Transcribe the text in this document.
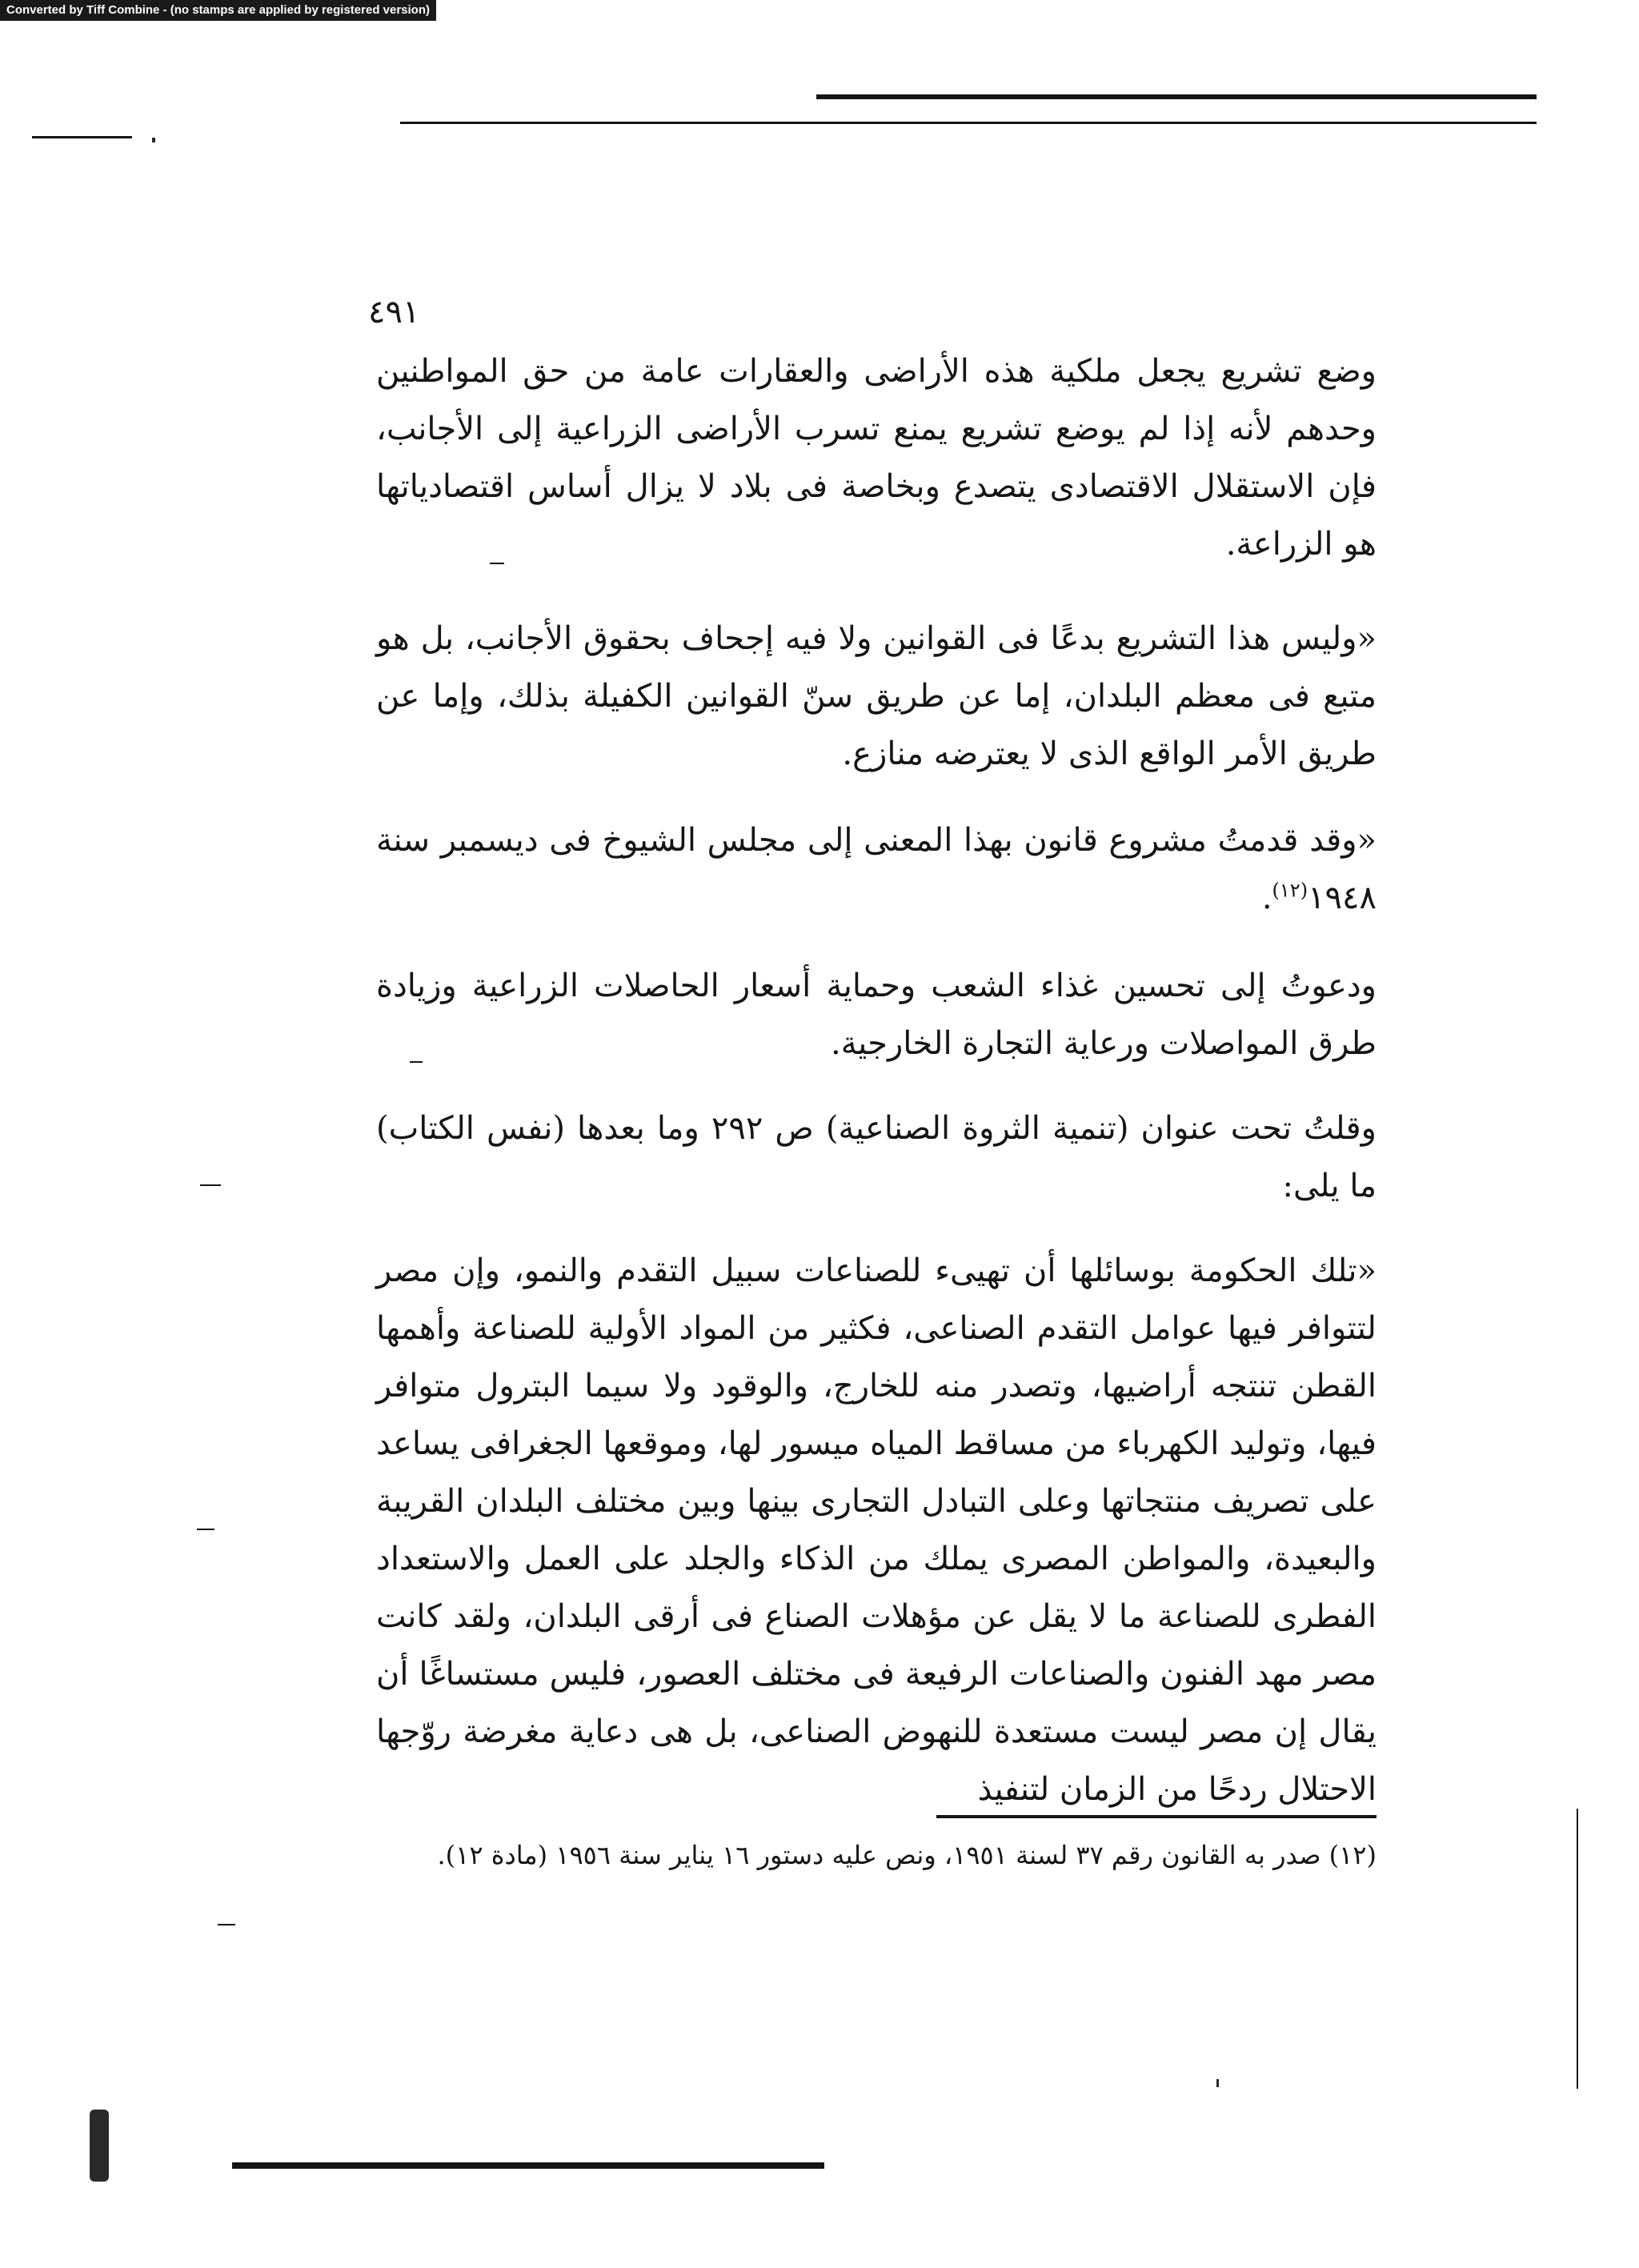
Converted by Tiff Combine - (no stamps are applied by registered version)
٤٩١

وضع تشريع يجعل ملكية هذه الأراضى والعقارات عامة من حق المواطنين وحدهم لأنه إذا لم يوضع تشريع يمنع تسرب الأراضى الزراعية إلى الأجانب، فإن الاستقلال الاقتصادى يتصدع وبخاصة فى بلاد لا يزال أساس اقتصادياتها هو الزراعة.

«وليس هذا التشريع بدعًا فى القوانين ولا فيه إجحاف بحقوق الأجانب، بل هو متبع فى معظم البلدان، إما عن طريق سنّ القوانين الكفيلة بذلك، وإما عن طريق الأمر الواقع الذى لا يعترضه منازع.

«وقد قدمتُ مشروع قانون بهذا المعنى إلى مجلس الشيوخ فى ديسمبر سنة ١٩٤٨$^{(١٢)}$.

ودعوتُ إلى تحسين غذاء الشعب وحماية أسعار الحاصلات الزراعية وزيادة طرق المواصلات ورعاية التجارة الخارجية.

وقلتُ تحت عنوان (تنمية الثروة الصناعية) ص ٢٩٢ وما بعدها (نفس الكتاب) ما يلى:

«تلك الحكومة بوسائلها أن تهيىء للصناعات سبيل التقدم والنمو، وإن مصر لتتوافر فيها عوامل التقدم الصناعى، فكثير من المواد الأولية للصناعة وأهمها القطن تنتجه أراضيها، وتصدر منه للخارج، والوقود ولا سيما البترول متوافر فيها، وتوليد الكهرباء من مساقط المياه ميسور لها، وموقعها الجغرافى يساعد على تصريف منتجاتها وعلى التبادل التجارى بينها وبين مختلف البلدان القريبة والبعيدة، والمواطن المصرى يملك من الذكاء والجلد على العمل والاستعداد الفطرى للصناعة ما لا يقل عن مؤهلات الصناع فى أرقى البلدان، ولقد كانت مصر مهد الفنون والصناعات الرفيعة فى مختلف العصور، فليس مستساغًا أن يقال إن مصر ليست مستعدة للنهوض الصناعى، بل هى دعاية مغرضة روّجها الاحتلال ردحًا من الزمان لتنفيذ

(١٢) صدر به القانون رقم ٣٧ لسنة ١٩٥١، ونص عليه دستور ١٦ يناير سنة ١٩٥٦ (مادة ١٢).
